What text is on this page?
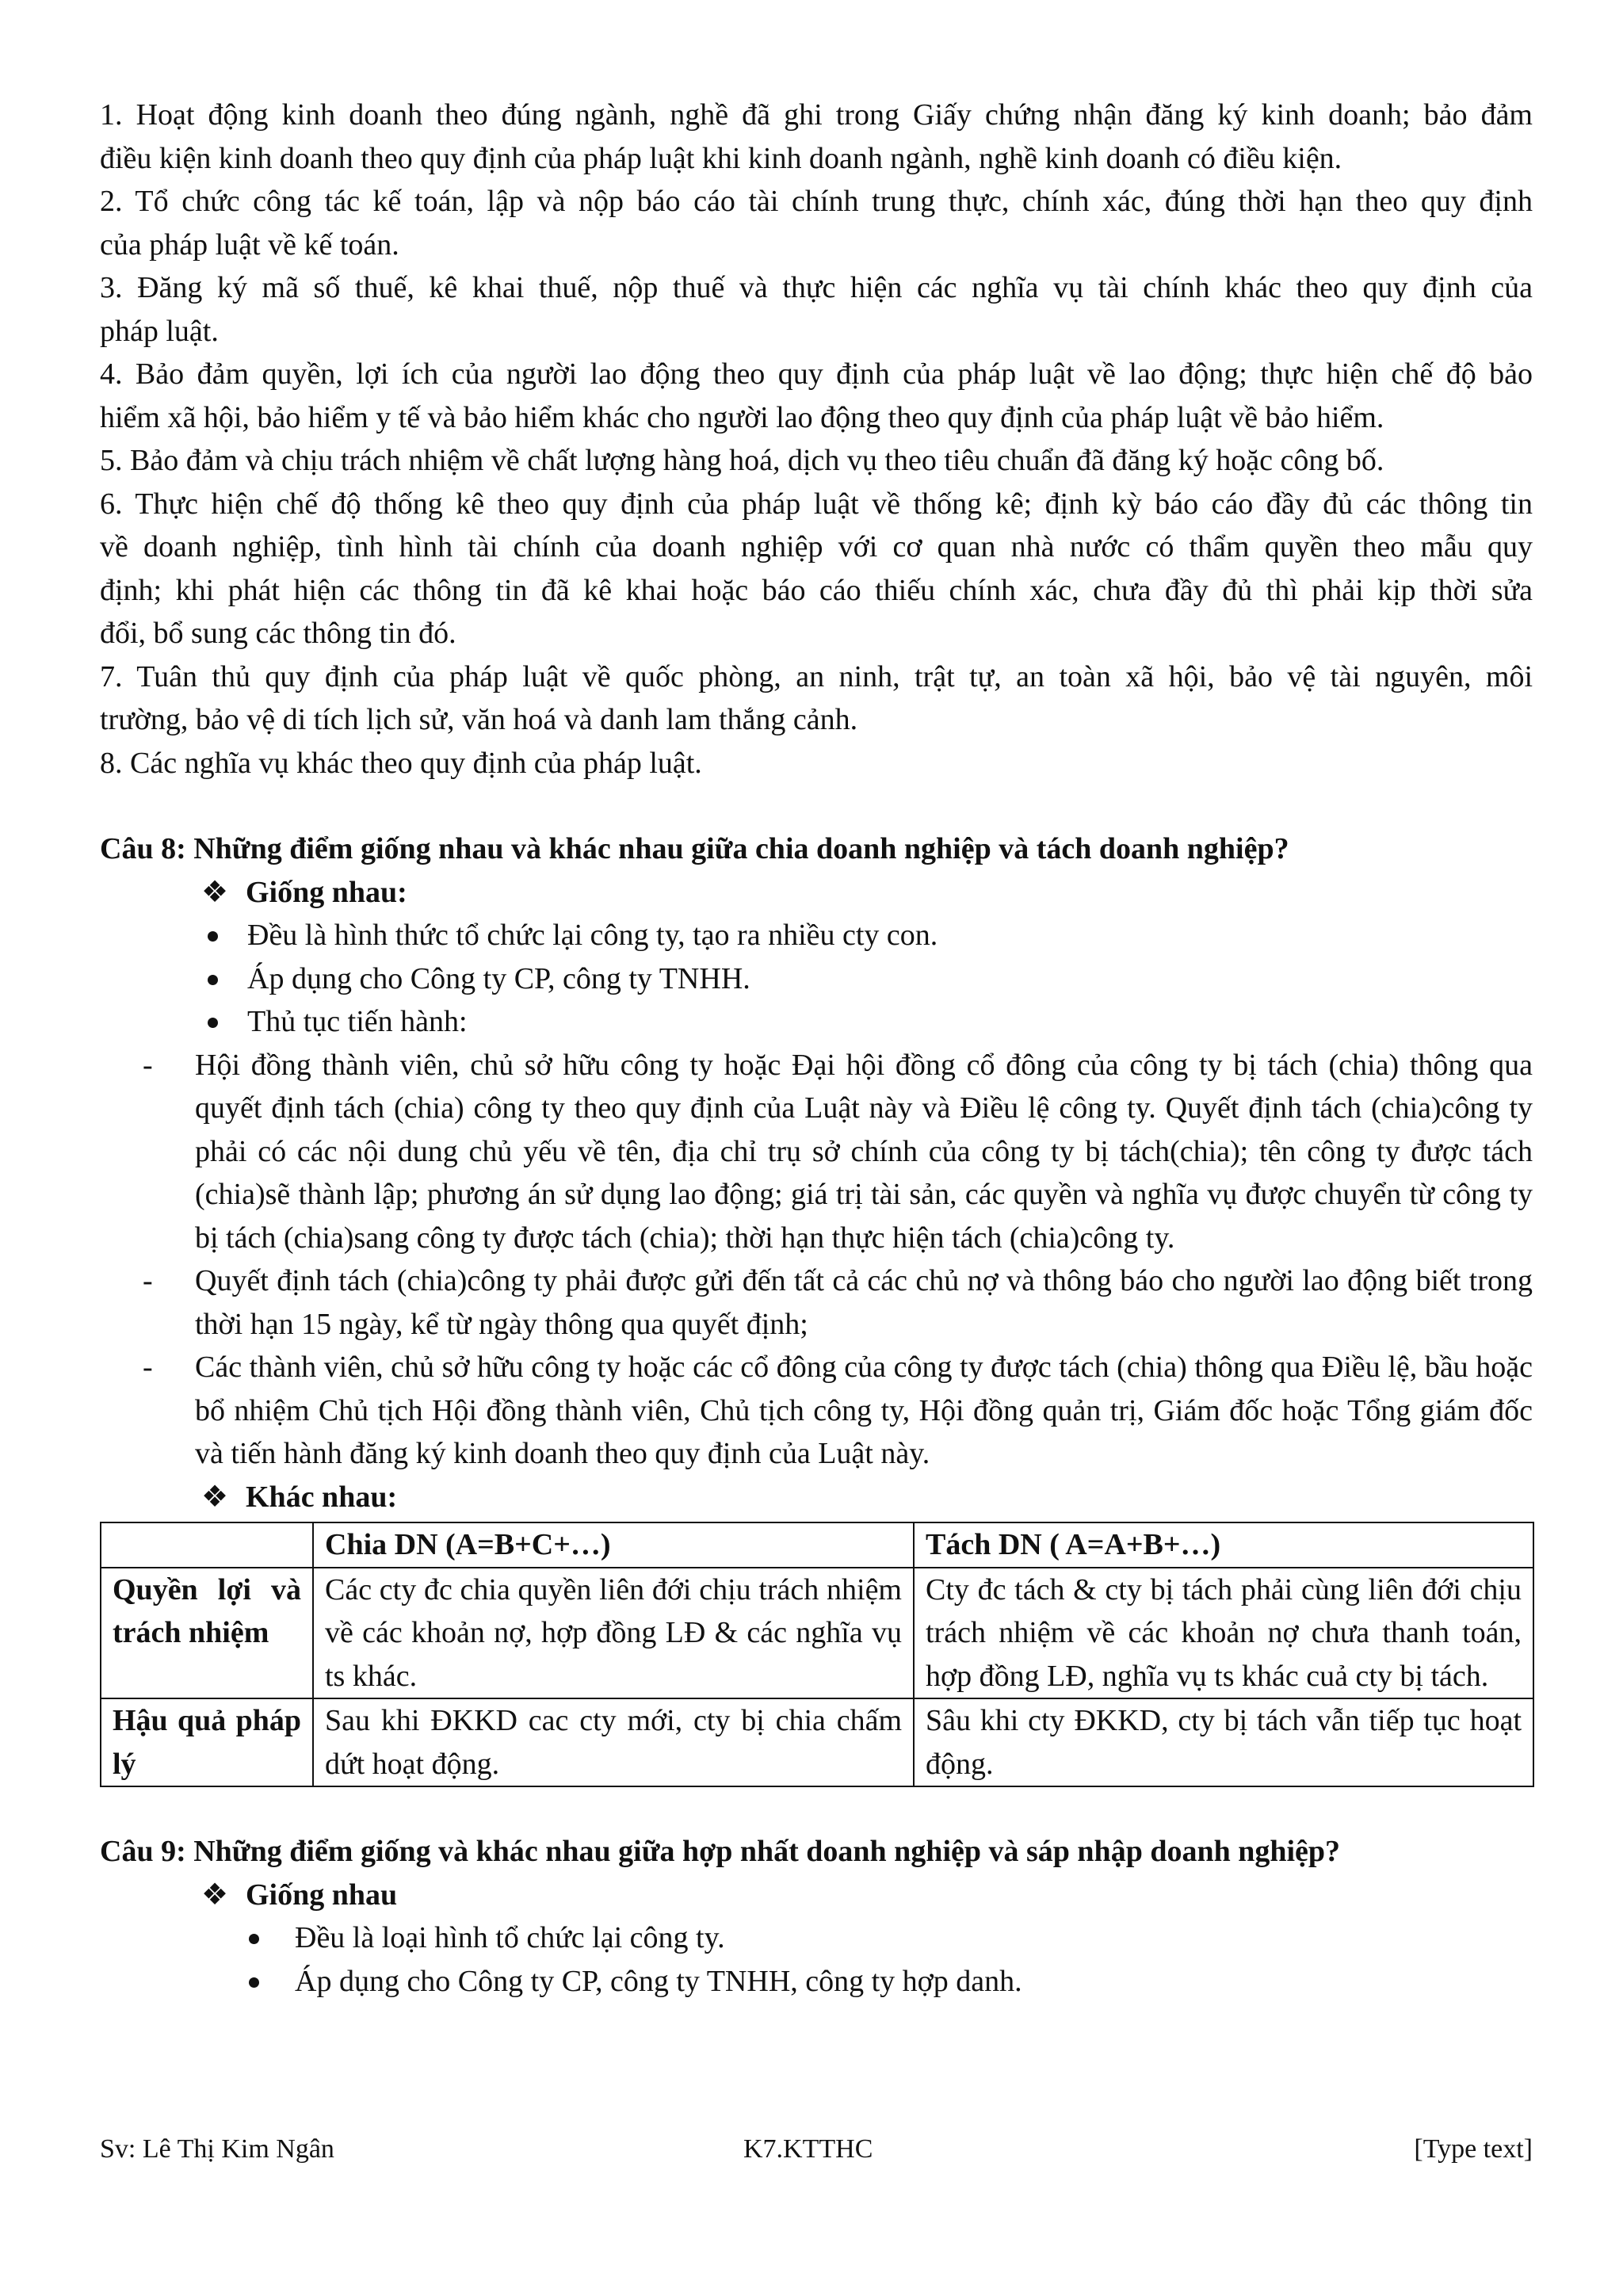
1. Hoạt động kinh doanh theo đúng ngành, nghề đã ghi trong Giấy chứng nhận đăng ký kinh doanh; bảo đảm

điều kiện kinh doanh theo quy định của pháp luật khi kinh doanh ngành, nghề kinh doanh có điều kiện.

2. Tổ chức công tác kế toán, lập và nộp báo cáo tài chính trung thực, chính xác, đúng thời hạn theo quy định

của pháp luật về kế toán.

3. Đăng ký mã số thuế, kê khai thuế, nộp thuế và thực hiện các nghĩa vụ tài chính khác theo quy định của

pháp luật.

4. Bảo đảm quyền, lợi ích của người lao động theo quy định của pháp luật về lao động; thực hiện chế độ bảo

hiểm xã hội, bảo hiểm y tế và bảo hiểm khác cho người lao động theo quy định của pháp luật về bảo hiểm.

5. Bảo đảm và chịu trách nhiệm về chất lượng hàng hoá, dịch vụ theo tiêu chuẩn đã đăng ký hoặc công bố.

6. Thực hiện chế độ thống kê theo quy định của pháp luật về thống kê; định kỳ báo cáo đầy đủ các thông tin

về doanh nghiệp, tình hình tài chính của doanh nghiệp với cơ quan nhà nước có thẩm quyền theo mẫu quy

định; khi phát hiện các thông tin đã kê khai hoặc báo cáo thiếu chính xác, chưa đầy đủ thì phải kịp thời sửa

đổi, bổ sung các thông tin đó.

7. Tuân thủ quy định của pháp luật về quốc phòng, an ninh, trật tự, an toàn xã hội, bảo vệ tài nguyên, môi

trường, bảo vệ di tích lịch sử, văn hoá và danh lam thắng cảnh.

8. Các nghĩa vụ khác theo quy định của pháp luật.

Câu 8: Những điểm giống nhau và khác nhau giữa chia doanh nghiệp và tách doanh nghiệp?

❖ Giống nhau:
Đều là hình thức tổ chức lại công ty, tạo ra nhiều cty con.
Áp dụng cho Công ty CP, công ty TNHH.
Thủ tục tiến hành:
- Hội đồng thành viên, chủ sở hữu công ty hoặc Đại hội đồng cổ đông của công ty bị tách (chia) thông qua quyết định tách (chia) công ty theo quy định của Luật này và Điều lệ công ty. Quyết định tách (chia)công ty phải có các nội dung chủ yếu về tên, địa chỉ trụ sở chính của công ty bị tách(chia); tên công ty được tách (chia)sẽ thành lập; phương án sử dụng lao động; giá trị tài sản, các quyền và nghĩa vụ được chuyển từ công ty bị tách (chia)sang công ty được tách (chia); thời hạn thực hiện tách (chia)công ty.
- Quyết định tách (chia)công ty phải được gửi đến tất cả các chủ nợ và thông báo cho người lao động biết trong thời hạn 15 ngày, kể từ ngày thông qua quyết định;
- Các thành viên, chủ sở hữu công ty hoặc các cổ đông của công ty được tách (chia) thông qua Điều lệ, bầu hoặc bổ nhiệm Chủ tịch Hội đồng thành viên, Chủ tịch công ty, Hội đồng quản trị, Giám đốc hoặc Tổng giám đốc và tiến hành đăng ký kinh doanh theo quy định của Luật này.
❖ Khác nhau:
	Chia DN (A=B+C+…)	Tách DN ( A=A+B+…)
Quyền lợi và trách nhiệm	Các cty đc chia quyền liên đới chịu trách nhiệm về các khoản nợ, hợp đồng LĐ & các nghĩa vụ ts khác.	Cty đc tách & cty bị tách phải cùng liên đới chịu trách nhiệm về các khoản nợ chưa thanh toán, hợp đồng LĐ, nghĩa vụ ts khác cuả cty bị tách.
Hậu quả pháp lý	Sau khi ĐKKD cac cty mới, cty bị chia chấm dứt hoạt động.	Sâu khi cty ĐKKD, cty bị tách vẫn tiếp tục hoạt động.

Câu 9: Những điểm giống và khác nhau giữa hợp nhất doanh nghiệp và sáp nhập doanh nghiệp?

❖ Giống nhau
Đều là loại hình tổ chức lại công ty.
Áp dụng cho Công ty CP, công ty TNHH, công ty hợp danh.
Sv: Lê Thị Kim Ngân	K7.KTTHC	[Type text]
